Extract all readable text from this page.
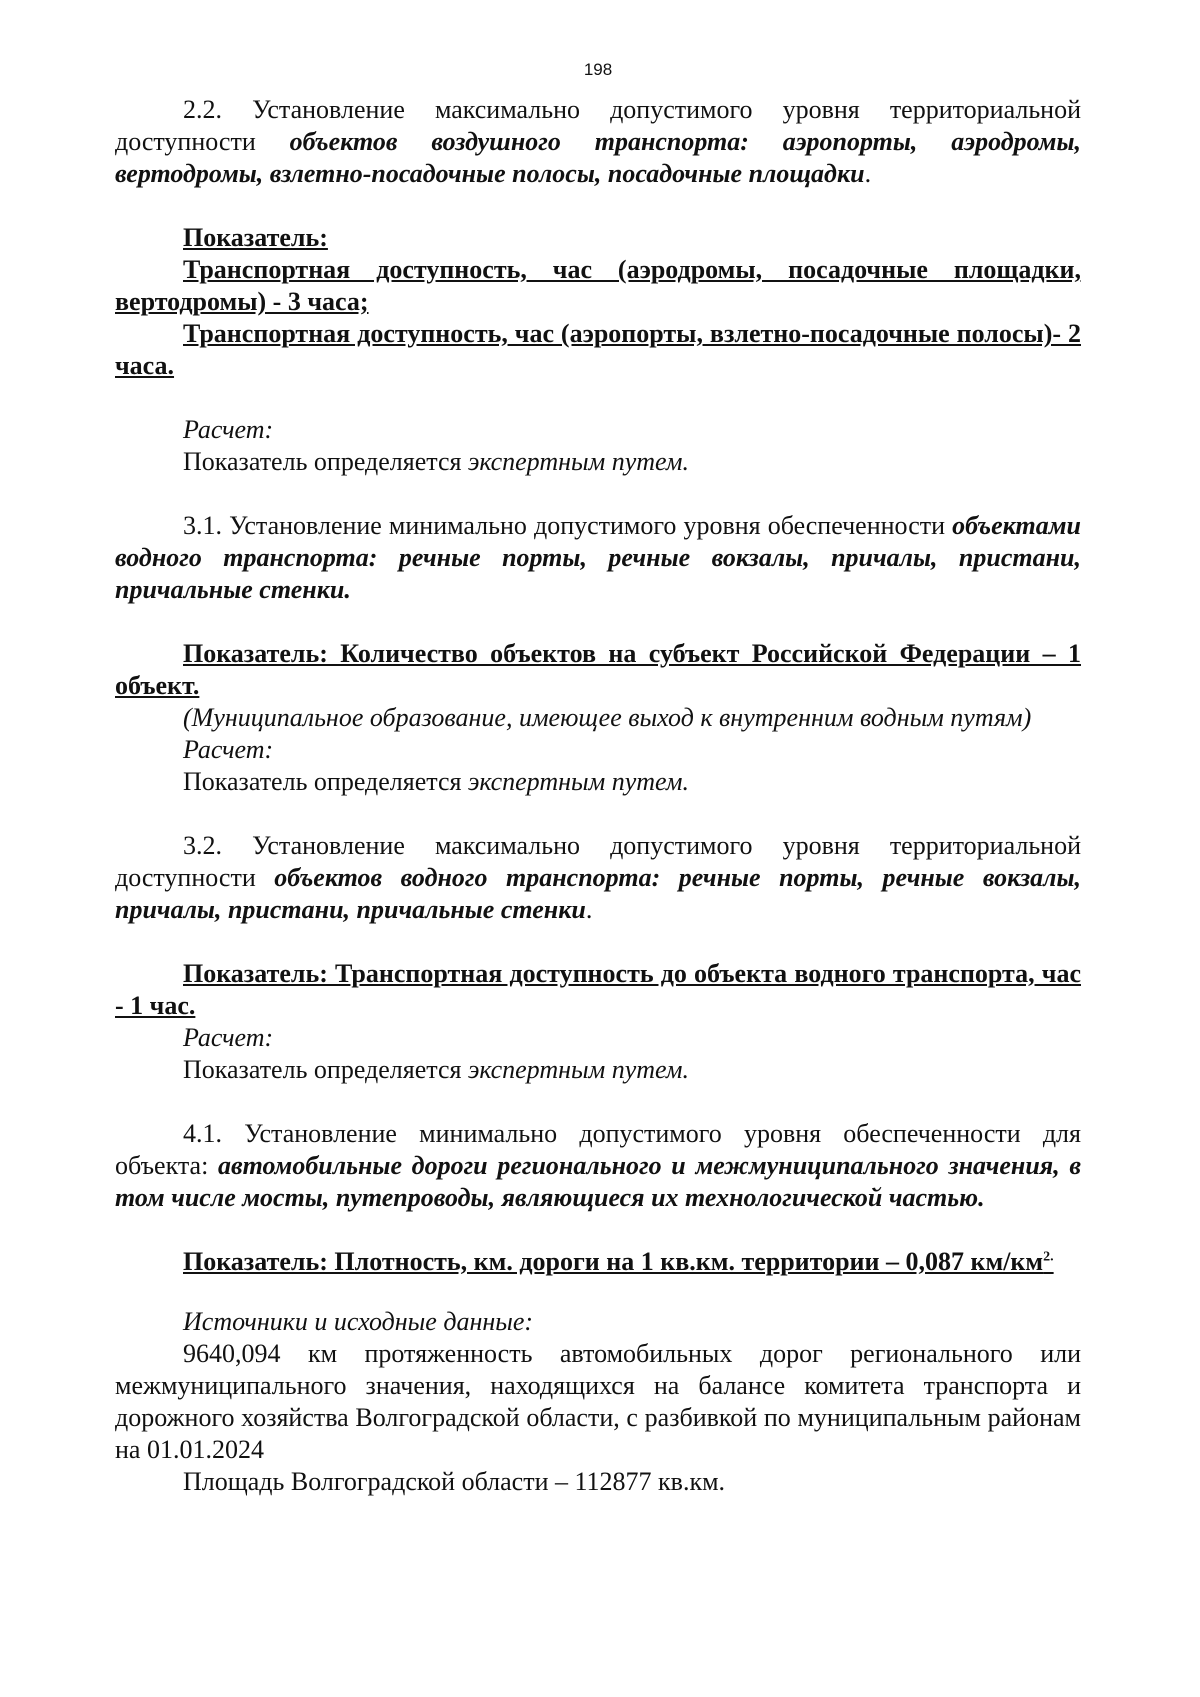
198

2.2. Установление максимально допустимого уровня территориальной доступности объектов воздушного транспорта: аэропорты, аэродромы, вертодромы, взлетно-посадочные полосы, посадочные площадки.

Показатель:

Транспортная доступность, час (аэродромы, посадочные площадки, вертодромы) - 3 часа;

Транспортная доступность, час (аэропорты, взлетно-посадочные полосы)- 2 часа.

Расчет:

Показатель определяется экспертным путем.

3.1. Установление минимально допустимого уровня обеспеченности объектами водного транспорта: речные порты, речные вокзалы, причалы, пристани, причальные стенки.

Показатель: Количество объектов на субъект Российской Федерации – 1 объект.

(Муниципальное образование, имеющее выход к внутренним водным путям)

Расчет:

Показатель определяется экспертным путем.

3.2. Установление максимально допустимого уровня территориальной доступности объектов водного транспорта: речные порты, речные вокзалы, причалы, пристани, причальные стенки.

Показатель: Транспортная доступность до объекта водного транспорта, час - 1 час.

Расчет:

Показатель определяется экспертным путем.

4.1. Установление минимально допустимого уровня обеспеченности для объекта: автомобильные дороги регионального и межмуниципального значения, в том числе мосты, путепроводы, являющиеся их технологической частью.

Показатель: Плотность, км. дороги на 1 кв.км. территории – 0,087 $км/км^{2.}$

Источники и исходные данные:

9640,094 км протяженность автомобильных дорог регионального или межмуниципального значения, находящихся на балансе комитета транспорта и дорожного хозяйства Волгоградской области, с разбивкой по муниципальным районам на 01.01.2024

Площадь Волгоградской области – 112877 кв.км.
